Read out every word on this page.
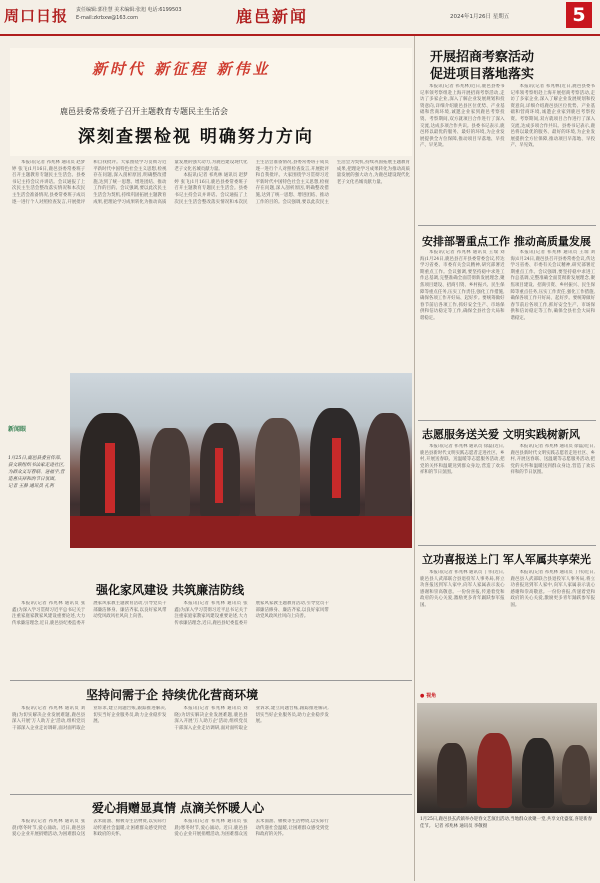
周口日报 责任编辑:郭佳慧 美术编辑:张旭 电话:6199503
E-mail:zkrbxw@163.com	鹿邑新闻	2024年1月26日 星期五	5
新时代 新征程 新伟业
鹿邑县委常委班子召开主题教育专题民主生活会
深刻查摆检视 明确努力方向

本报讯(记者 祁兆林 通讯员 赵梦婷 张飞)1月16日,鹿邑县委常委班子召开主题教育专题民主生活会。县委书记主持会议并讲话。会议通报了上次民主生活会整改落实情况和本次民主生活会准备情况,县委常委班子成员逐一进行个人对照检查发言,开展批评和自我批评。大家围绕学习贯彻习近平新时代中国特色社会主义思想,检视存在问题,深入剖析原因,明确整改措施,达到了统一思想、增进团结、推动工作的目的。会议强调,要以此次民主生活会为契机,持续巩固拓展主题教育成果,把理论学习成果转化为推动高质量发展的强大动力,为鹿邑建设现代化老子文化名城贡献力量。

本报讯(记者 祁兆林 通讯员 赵梦婷 张飞)1月16日,鹿邑县委常委班子召开主题教育专题民主生活会。县委书记主持会议并讲话。会议通报了上次民主生活会整改落实情况和本次民主生活会准备情况,县委常委班子成员逐一进行个人对照检查发言,开展批评和自我批评。大家围绕学习贯彻习近平新时代中国特色社会主义思想,检视存在问题,深入剖析原因,明确整改措施,达到了统一思想、增进团结、推动工作的目的。会议强调,要以此次民主生活会为契机,持续巩固拓展主题教育成果,把理论学习成果转化为推动高质量发展的强大动力,为鹿邑建设现代化老子文化名城贡献力量。

开展招商考察活动
促进项目落地落实

本报讯(记者 祁兆林)近日,鹿邑县委书记率领考察组赴上海开展招商考察活动,走访了多家企业,深入了解企业发展规划和投资意向,详细介绍鹿邑县区位优势、产业基础和营商环境,诚邀企业家到鹿邑考察投资。考察期间,双方就项目合作进行了深入交流,达成多项合作共识。县委书记表示,鹿邑将以最优的服务、最好的环境,为企业发展提供全方位保障,推动项目早落地、早投产、早见效。

本报讯(记者 祁兆林)近日,鹿邑县委书记率领考察组赴上海开展招商考察活动,走访了多家企业,深入了解企业发展规划和投资意向,详细介绍鹿邑县区位优势、产业基础和营商环境,诚邀企业家到鹿邑考察投资。考察期间,双方就项目合作进行了深入交流,达成多项合作共识。县委书记表示,鹿邑将以最优的服务、最好的环境,为企业发展提供全方位保障,推动项目早落地、早投产、早见效。

安排部署重点工作 推动高质量发展

本报讯(记者 祁兆林 通讯员 王瑞 刘海)1月24日,鹿邑县召开县委常委会议,传达学习省委、市委有关会议精神,研究部署近期重点工作。会议强调,要坚持稳中求进工作总基调,完整准确全面贯彻新发展理念,聚焦项目建设、招商引资、乡村振兴、民生保障等重点任务,压实工作责任,强化工作措施,确保各项工作开好局、起好步。要统筹做好春节前后各项工作,抓好安全生产、市场保供和信访稳定等工作,确保全县社会大局和谐稳定。

本报讯(记者 祁兆林 通讯员 王瑞 刘海)1月24日,鹿邑县召开县委常委会议,传达学习省委、市委有关会议精神,研究部署近期重点工作。会议强调,要坚持稳中求进工作总基调,完整准确全面贯彻新发展理念,聚焦项目建设、招商引资、乡村振兴、民生保障等重点任务,压实工作责任,强化工作措施,确保各项工作开好局、起好步。要统筹做好春节前后各项工作,抓好安全生产、市场保供和信访稳定等工作,确保全县社会大局和谐稳定。

志愿服务送关爱 文明实践树新风

本报讯(记者 祁兆林 通讯员 徐磊)近日,鹿邑县新时代文明实践志愿者走进社区、乡村,开展送春联、送温暖等志愿服务活动,把党的关怀和温暖送到群众身边,营造了欢乐祥和的节日氛围。

本报讯(记者 祁兆林 通讯员 徐磊)近日,鹿邑县新时代文明实践志愿者走进社区、乡村,开展送春联、送温暖等志愿服务活动,把党的关怀和温暖送到群众身边,营造了欢乐祥和的节日氛围。

立功喜报送上门 军人军属共享荣光

本报讯(记者 祁兆林 通讯员 丁伟)近日,鹿邑县人武部联合县退役军人事务局,将立功喜报送到军人家中,向军人家属表示衷心感谢和崇高敬意。一份份喜报,传递着党和政府的关心关爱,激励更多青年踊跃参军报国。

本报讯(记者 祁兆林 通讯员 丁伟)近日,鹿邑县人武部联合县退役军人事务局,将立功喜报送到军人家中,向军人家属表示衷心感谢和崇高敬意。一份份喜报,传递着党和政府的关心关爱,激励更多青年踊跃参军报国。

新闻眼
1月25日,鹿邑县委宣传部、县文联组织书法家走进社区,为群众义写春联、送福字,营造喜庆祥和的节日氛围。
记者 王静 通讯员 孔利
强化家风建设 共筑廉洁防线

本报讯(记者 祁兆林 通讯员 张鑫)为深入学习贯彻习近平总书记关于注重家庭家教家风建设重要论述,大力传承廉洁理念,近日,鹿邑县纪委监委开展家风家教主题教育活动,引导党员干部廉洁修身、廉洁齐家,以良好家风带动党风政风社风向上向善。

本报讯(记者 祁兆林 通讯员 张鑫)为深入学习贯彻习近平总书记关于注重家庭家教家风建设重要论述,大力传承廉洁理念,近日,鹿邑县纪委监委开展家风家教主题教育活动,引导党员干部廉洁修身、廉洁齐家,以良好家风带动党风政风社风向上向善。

坚持问需于企 持续优化营商环境

本报讯(记者 祁兆林 通讯员 刘晓)为切实解决企业发展难题,鹿邑县深入开展'万人助万企'活动,组织党员干部深入企业走访调研,面对面听取企业诉求,建立问题台账,跟踪推进解决,切实当好企业服务员,助力企业稳步发展。

本报讯(记者 祁兆林 通讯员 刘晓)为切实解决企业发展难题,鹿邑县深入开展'万人助万企'活动,组织党员干部深入企业走访调研,面对面听取企业诉求,建立问题台账,跟踪推进解决,切实当好企业服务员,助力企业稳步发展。

爱心捐赠显真情 点滴关怀暖人心

本报讯(记者 祁兆林 通讯员 张晨)寒冬时节,爱心涌动。近日,鹿邑县爱心企业开展捐赠活动,为困难群众送去米面油、棉被等生活物资,以实际行动传递社会温暖,让困难群众感受到党和政府的关怀。

本报讯(记者 祁兆林 通讯员 张晨)寒冬时节,爱心涌动。近日,鹿邑县爱心企业开展捐赠活动,为困难群众送去米面油、棉被等生活物资,以实际行动传递社会温暖,让困难群众感受到党和政府的关怀。

● 视角
1月25日,鹿邑县玄武镇举办迎春文艺演出活动,当地群众欢聚一堂,共享文化盛宴,喜迎新春佳节。 记者 祁兆林 通讯员 李敬摄
